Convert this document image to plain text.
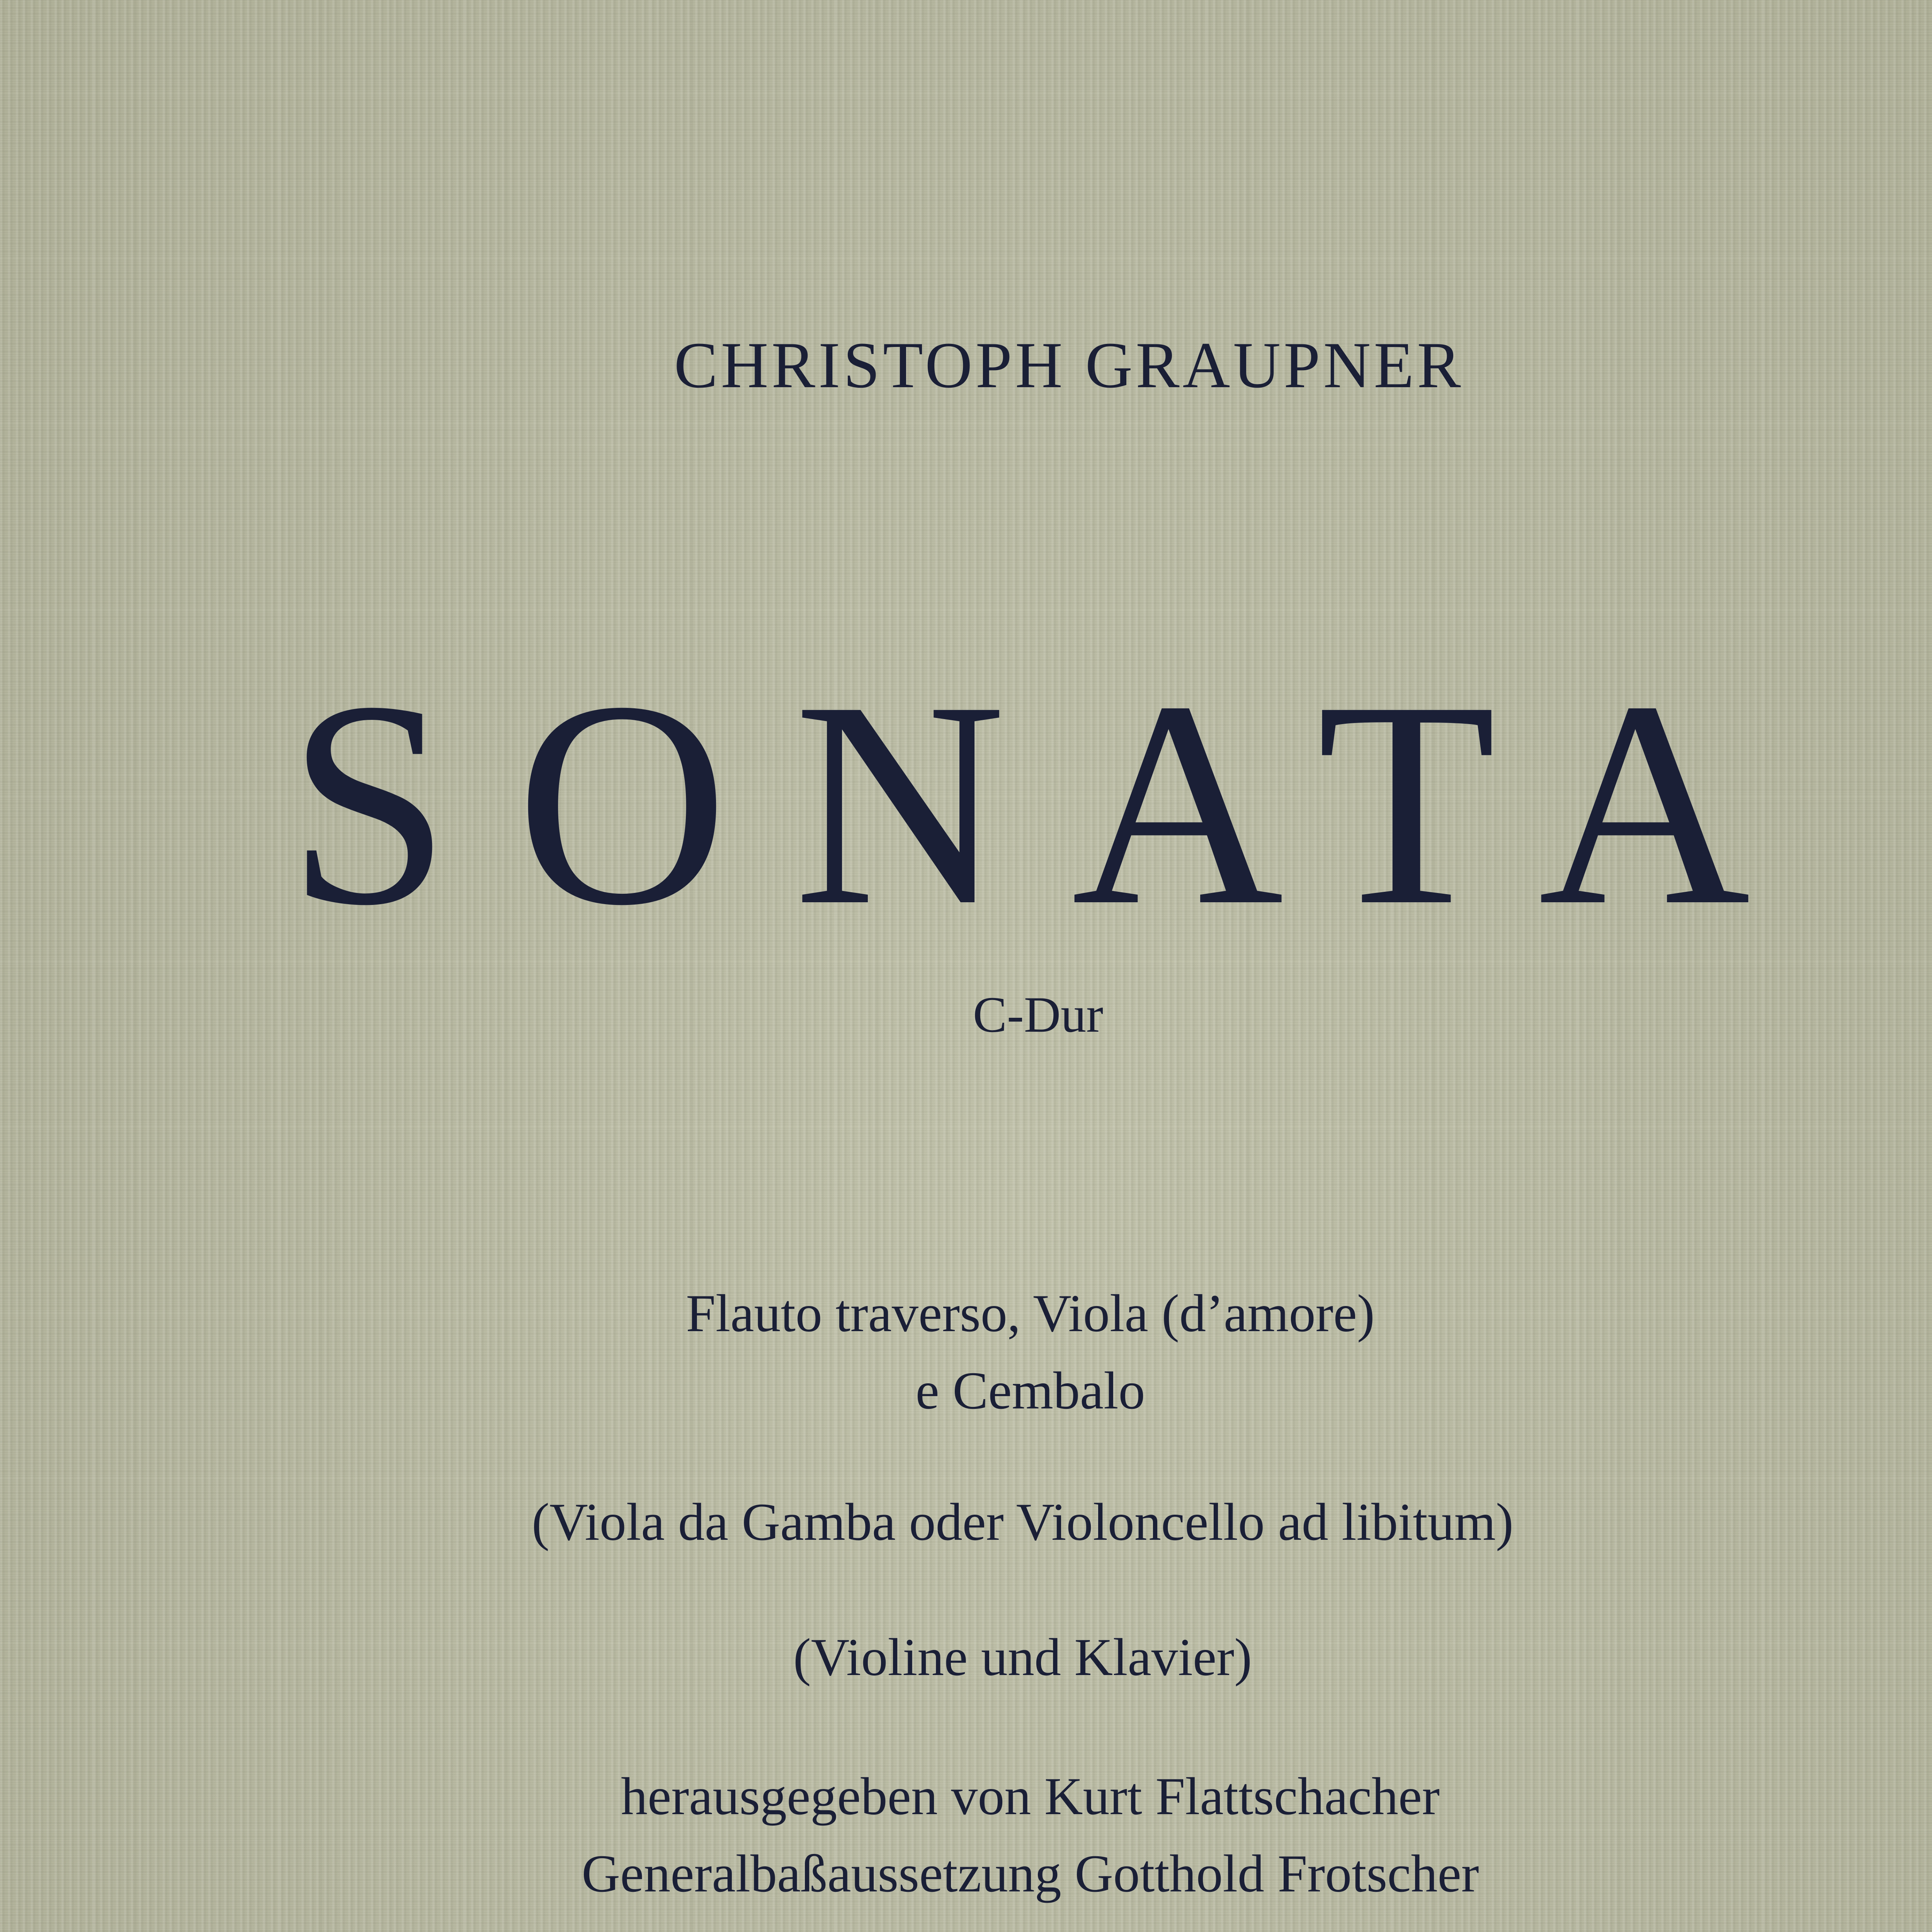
CHRISTOPH GRAUPNER
SONATA
C-Dur
Flauto traverso, Viola (d’amore)
e Cembalo
(Viola da Gamba oder Violoncello ad libitum)
(Violine und Klavier)
herausgegeben von Kurt Flattschacher
Generalbaßaussetzung Gotthold Frotscher
